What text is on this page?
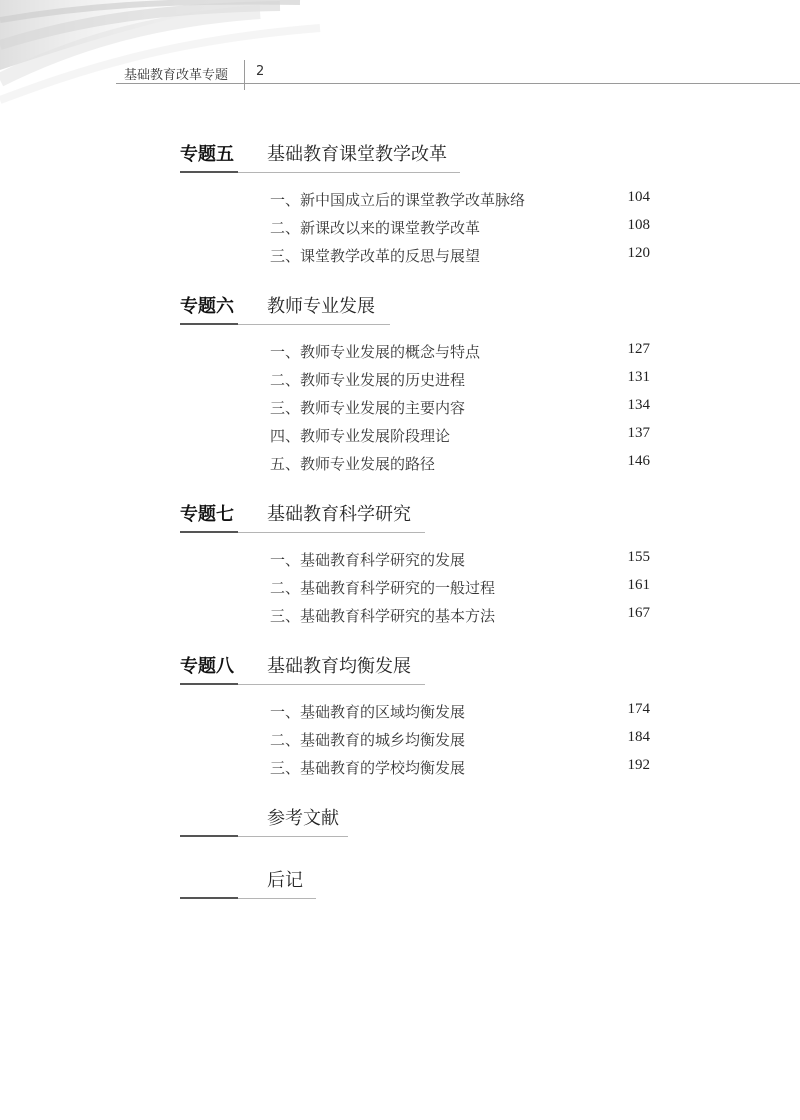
基础教育改革专题 2
专题五 基础教育课堂教学改革
一、新中国成立后的课堂教学改革脉络	104
二、新课改以来的课堂教学改革	108
三、课堂教学改革的反思与展望	120
专题六 教师专业发展
一、教师专业发展的概念与特点	127
二、教师专业发展的历史进程	131
三、教师专业发展的主要内容	134
四、教师专业发展阶段理论	137
五、教师专业发展的路径	146
专题七 基础教育科学研究
一、基础教育科学研究的发展	155
二、基础教育科学研究的一般过程	161
三、基础教育科学研究的基本方法	167
专题八 基础教育均衡发展
一、基础教育的区域均衡发展	174
二、基础教育的城乡均衡发展	184
三、基础教育的学校均衡发展	192
参考文献
后记
